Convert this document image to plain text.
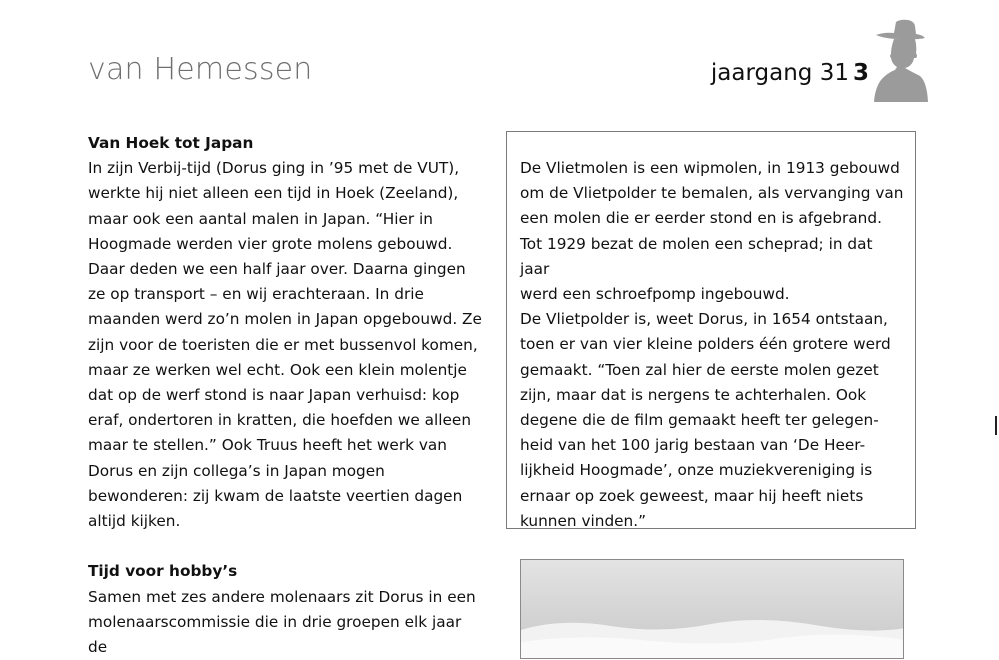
van Hemessen	jaargang 31 3
Van Hoek tot Japan

In zijn Verbij-tijd (Dorus ging in ’95 met de VUT), werkte hij niet alleen een tijd in Hoek (Zeeland), maar ook een aantal malen in Japan. “Hier in Hoogmade werden vier grote molens gebouwd. Daar deden we een half jaar over. Daarna gingen ze op transport – en wij erachteraan. In drie maanden werd zo’n molen in Japan opgebouwd. Ze zijn voor de toeristen die er met bussenvol komen, maar ze werken wel echt. Ook een klein molentje dat op de werf stond is naar Japan verhuisd: kop eraf, ondertoren in kratten, die hoefden we alleen maar te stellen.” Ook Truus heeft het werk van Dorus en zijn collega’s in Japan mogen bewonderen: zij kwam de laatste veertien dagen altijd kijken.

Tijd voor hobby’s

Samen met zes andere molenaars zit Dorus in een molenaarscommissie die in drie groepen elk jaar de

De Vlietmolen is een wipmolen, in 1913 gebouwd
om de Vlietpolder te bemalen, als vervanging van
een molen die er eerder stond en is afgebrand.
Tot 1929 bezat de molen een scheprad; in dat jaar
werd een schroefpomp ingebouwd.
De Vlietpolder is, weet Dorus, in 1654 ontstaan,
toen er van vier kleine polders één grotere werd
gemaakt. “Toen zal hier de eerste molen gezet
zijn, maar dat is nergens te achterhalen. Ook
degene die de film gemaakt heeft ter gelegen-
heid van het 100 jarig bestaan van ‘De Heer-
lijkheid Hoogmade’, onze muziekvereniging is
ernaar op zoek geweest, maar hij heeft niets
kunnen vinden.”
